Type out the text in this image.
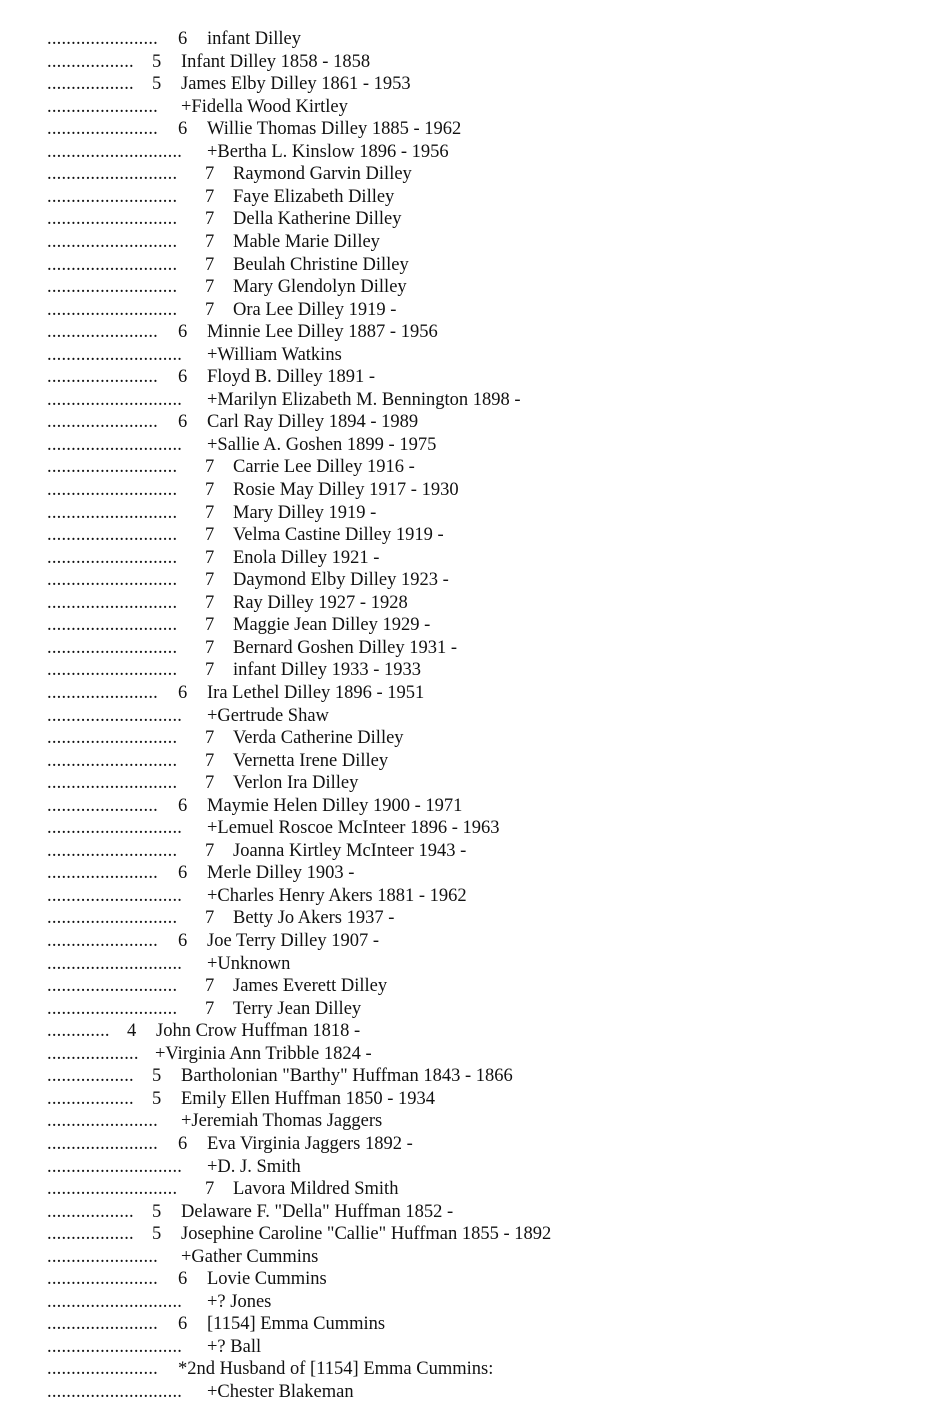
....................... 6 infant Dilley
.................. 5 Infant Dilley 1858 - 1858
.................. 5 James Elby Dilley 1861 - 1953
....................... +Fidella Wood Kirtley
....................... 6 Willie Thomas Dilley 1885 - 1962
............................ +Bertha L. Kinslow 1896 - 1956
........................... 7 Raymond Garvin Dilley
........................... 7 Faye Elizabeth Dilley
........................... 7 Della Katherine Dilley
........................... 7 Mable Marie Dilley
........................... 7 Beulah Christine Dilley
........................... 7 Mary Glendolyn Dilley
........................... 7 Ora Lee Dilley 1919 -
....................... 6 Minnie Lee Dilley 1887 - 1956
............................ +William Watkins
....................... 6 Floyd B. Dilley 1891 -
............................ +Marilyn Elizabeth M. Bennington 1898 -
....................... 6 Carl Ray Dilley 1894 - 1989
............................ +Sallie A. Goshen 1899 - 1975
........................... 7 Carrie Lee Dilley 1916 -
........................... 7 Rosie May Dilley 1917 - 1930
........................... 7 Mary Dilley 1919 -
........................... 7 Velma Castine Dilley 1919 -
........................... 7 Enola Dilley 1921 -
........................... 7 Daymond Elby Dilley 1923 -
........................... 7 Ray Dilley 1927 - 1928
........................... 7 Maggie Jean Dilley 1929 -
........................... 7 Bernard Goshen Dilley 1931 -
........................... 7 infant Dilley 1933 - 1933
....................... 6 Ira Lethel Dilley 1896 - 1951
............................ +Gertrude Shaw
........................... 7 Verda Catherine Dilley
........................... 7 Vernetta Irene Dilley
........................... 7 Verlon Ira Dilley
....................... 6 Maymie Helen Dilley 1900 - 1971
............................ +Lemuel Roscoe McInteer 1896 - 1963
........................... 7 Joanna Kirtley McInteer 1943 -
....................... 6 Merle Dilley 1903 -
............................ +Charles Henry Akers 1881 - 1962
........................... 7 Betty Jo Akers 1937 -
....................... 6 Joe Terry Dilley 1907 -
............................ +Unknown
........................... 7 James Everett Dilley
........................... 7 Terry Jean Dilley
............. 4 John Crow Huffman 1818 -
................... +Virginia Ann Tribble 1824 -
.................. 5 Bartholonian "Barthy" Huffman 1843 - 1866
.................. 5 Emily Ellen Huffman 1850 - 1934
....................... +Jeremiah Thomas Jaggers
....................... 6 Eva Virginia Jaggers 1892 -
............................ +D. J. Smith
........................... 7 Lavora Mildred Smith
.................. 5 Delaware F. "Della" Huffman 1852 -
.................. 5 Josephine Caroline "Callie" Huffman 1855 - 1892
....................... +Gather Cummins
....................... 6 Lovie Cummins
............................ +? Jones
....................... 6 [1154] Emma Cummins
............................ +? Ball
....................... *2nd Husband of [1154] Emma Cummins:
............................ +Chester Blakeman
